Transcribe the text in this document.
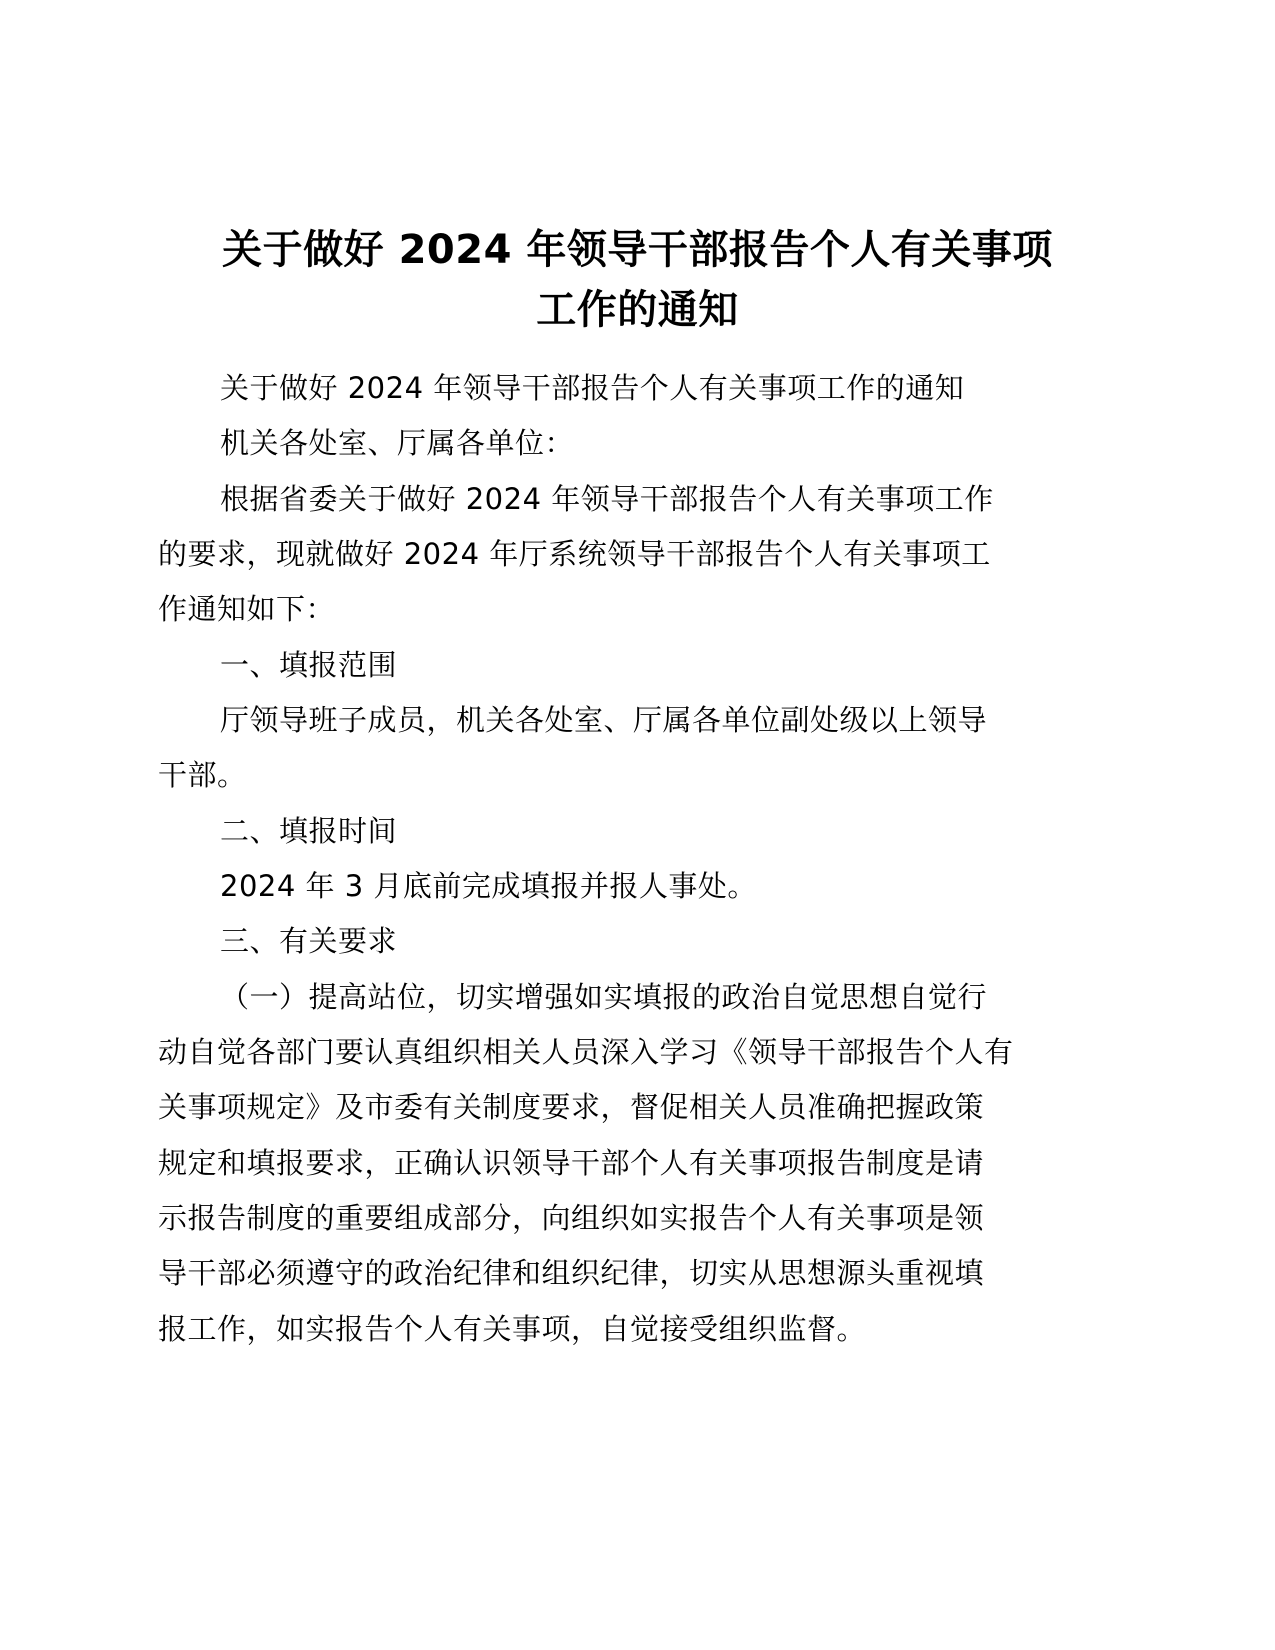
关于做好 2024 年领导干部报告个人有关事项
工作的通知
关于做好 2024 年领导干部报告个人有关事项工作的通知
机关各处室、厅属各单位：
根据省委关于做好 2024 年领导干部报告个人有关事项工作
的要求，现就做好 2024 年厅系统领导干部报告个人有关事项工
作通知如下：
一、填报范围
厅领导班子成员，机关各处室、厅属各单位副处级以上领导
干部。
二、填报时间
2024 年 3 月底前完成填报并报人事处。
三、有关要求
（一）提高站位，切实增强如实填报的政治自觉思想自觉行
动自觉各部门要认真组织相关人员深入学习《领导干部报告个人有
关事项规定》及市委有关制度要求，督促相关人员准确把握政策
规定和填报要求，正确认识领导干部个人有关事项报告制度是请
示报告制度的重要组成部分，向组织如实报告个人有关事项是领
导干部必须遵守的政治纪律和组织纪律，切实从思想源头重视填
报工作，如实报告个人有关事项，自觉接受组织监督。
